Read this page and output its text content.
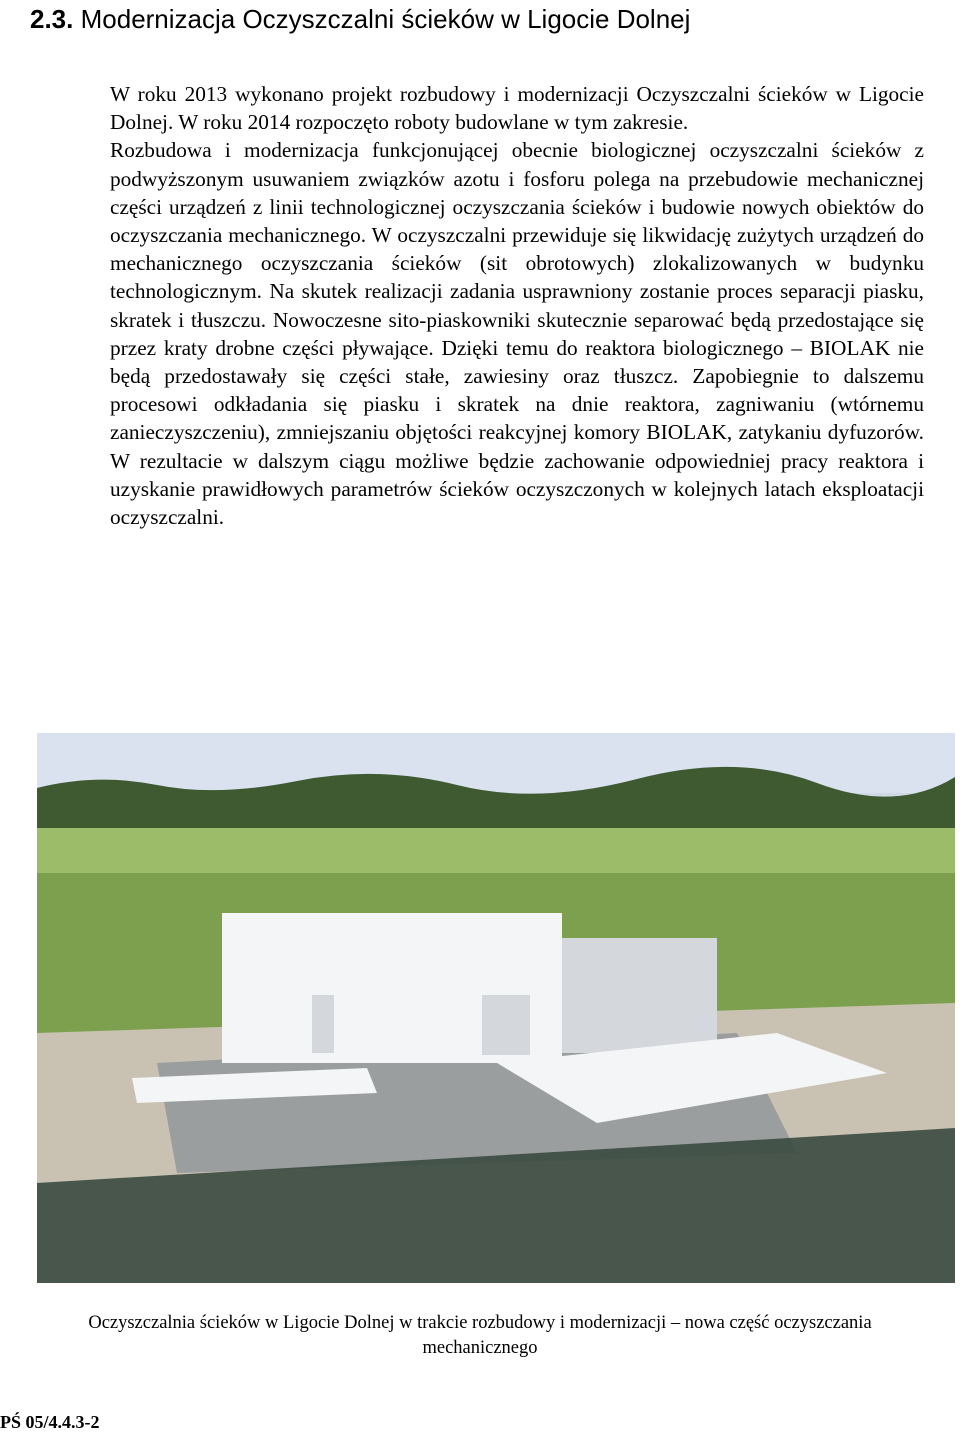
2.3. Modernizacja Oczyszczalni ścieków w Ligocie Dolnej

W roku 2013 wykonano projekt rozbudowy i modernizacji Oczyszczalni ścieków w Ligocie Dolnej. W roku 2014 rozpoczęto roboty budowlane w tym zakresie.

Rozbudowa i modernizacja funkcjonującej obecnie biologicznej oczyszczalni ścieków z podwyższonym usuwaniem związków azotu i fosforu polega na przebudowie mechanicznej części urządzeń z linii technologicznej oczyszczania ścieków i budowie nowych obiektów do oczyszczania mechanicznego. W oczyszczalni przewiduje się likwidację zużytych urządzeń do mechanicznego oczyszczania ścieków (sit obrotowych) zlokalizowanych w budynku technologicznym. Na skutek realizacji zadania usprawniony zostanie proces separacji piasku, skratek i tłuszczu. Nowoczesne sito-piaskowniki skutecznie separować będą przedostające się przez kraty drobne części pływające. Dzięki temu do reaktora biologicznego – BIOLAK nie będą przedostawały się części stałe, zawiesiny oraz tłuszcz. Zapobiegnie to dalszemu procesowi odkładania się piasku i skratek na dnie reaktora, zagniwaniu (wtórnemu zanieczyszczeniu), zmniejszaniu objętości reakcyjnej komory BIOLAK, zatykaniu dyfuzorów. W rezultacie w dalszym ciągu możliwe będzie zachowanie odpowiedniej pracy reaktora i uzyskanie prawidłowych parametrów ścieków oczyszczonych w kolejnych latach eksploatacji oczyszczalni.

Oczyszczalnia ścieków w Ligocie Dolnej w trakcie rozbudowy i modernizacji – nowa część oczyszczania mechanicznego
PŚ 05/4.4.3-2
